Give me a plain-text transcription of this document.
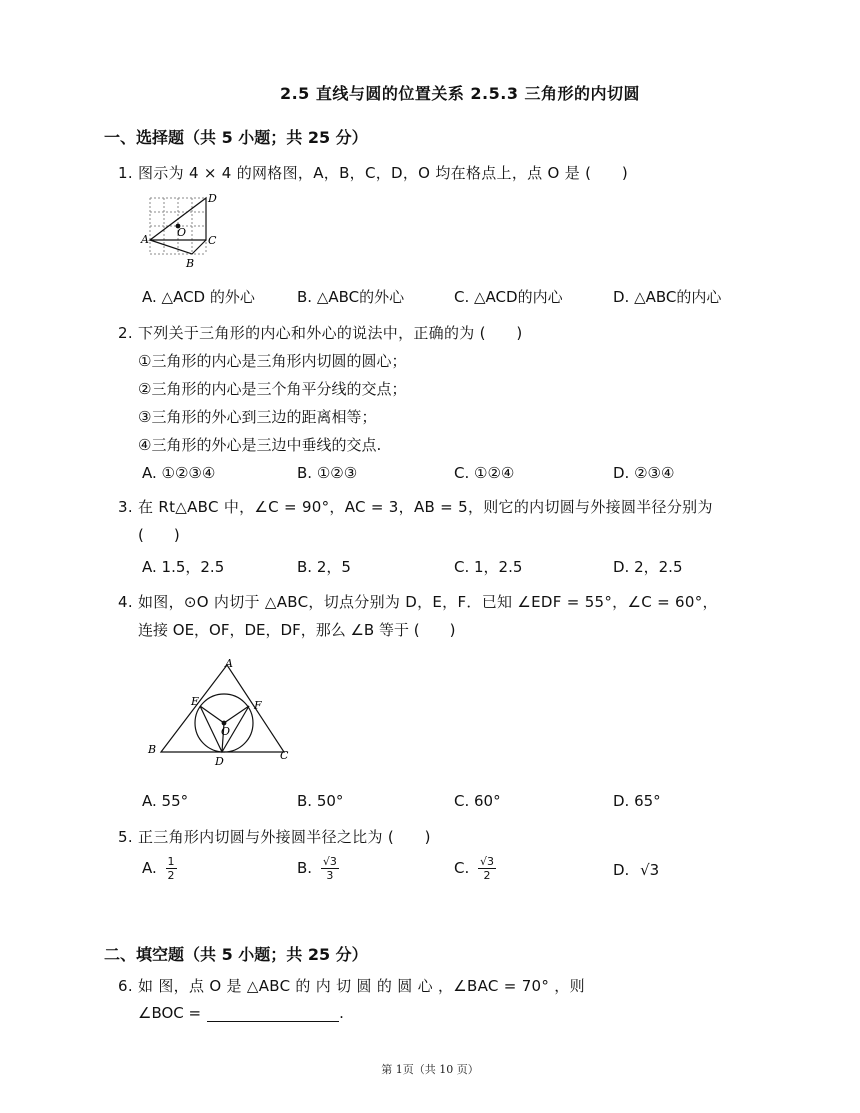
2.5 直线与圆的位置关系 2.5.3 三角形的内切圆
一、选择题（共 5 小题；共 25 分）
1. 图示为 4 × 4 的网格图，A，B，C，D，O 均在格点上，点 O 是 (　　)
A
B
C
D
O
A. △ACD 的外心	B. △ABC的外心	C. △ACD的内心	D. △ABC的内心
2. 下列关于三角形的内心和外心的说法中，正确的为 (　　)
①三角形的内心是三角形内切圆的圆心；
②三角形的内心是三个角平分线的交点；
③三角形的外心到三边的距离相等；
④三角形的外心是三边中垂线的交点.
A. ①②③④	B. ①②③	C. ①②④	D. ②③④
3. 在 Rt△ABC 中，∠C = 90°，AC = 3，AB = 5，则它的内切圆与外接圆半径分别为
(　　)
A. 1.5，2.5	B. 2，5	C. 1，2.5	D. 2，2.5
4. 如图，⊙O 内切于 △ABC，切点分别为 D，E，F．已知 ∠EDF = 55°，∠C = 60°，
连接 OE，OF，DE，DF，那么 ∠B 等于 (　　)
A
B	C
D
E	F
O
A. 55°	B. 50°	C. 60°	D. 65°
5. 正三角形内切圆与外接圆半径之比为 (　　)
A. $\frac{1}{2}$	B. $\frac{√3}{3}$	C. $\frac{√3}{2}$	D. √3
二、填空题（共 5 小题；共 25 分）
6. 如 图，点 O 是 △ABC 的 内 切 圆 的 圆 心 ，∠BAC = 70° ，则
∠BOC =	.
第 1页（共 10 页）
